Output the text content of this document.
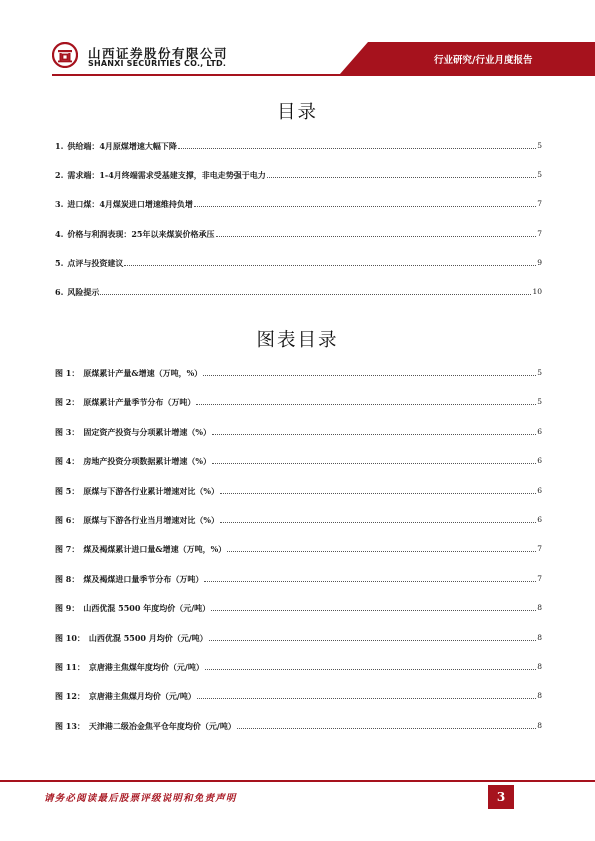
山西证券股份有限公司
SHANXI SECURITIES CO., LTD.	行业研究/行业月度报告
目录
1. 供给端：4月原煤增速大幅下降	5
2. 需求端：1-4月终端需求受基建支撑，非电走势强于电力	5
3. 进口煤：4月煤炭进口增速维持负增	7
4. 价格与利润表现：25年以来煤炭价格承压	7
5. 点评与投资建议	9
6. 风险提示	10
图表目录
图 1： 原煤累计产量&增速（万吨，%）	5
图 2： 原煤累计产量季节分布（万吨）	5
图 3： 固定资产投资与分项累计增速（%）	6
图 4： 房地产投资分项数据累计增速（%）	6
图 5： 原煤与下游各行业累计增速对比（%）	6
图 6： 原煤与下游各行业当月增速对比（%）	6
图 7： 煤及褐煤累计进口量&增速（万吨，%）	7
图 8： 煤及褐煤进口量季节分布（万吨）	7
图 9： 山西优混 5500 年度均价（元/吨）	8
图 10： 山西优混 5500 月均价（元/吨）	8
图 11： 京唐港主焦煤年度均价（元/吨）	8
图 12： 京唐港主焦煤月均价（元/吨）	8
图 13： 天津港二级冶金焦平仓年度均价（元/吨）	8
请务必阅读最后股票评级说明和免责声明	3
